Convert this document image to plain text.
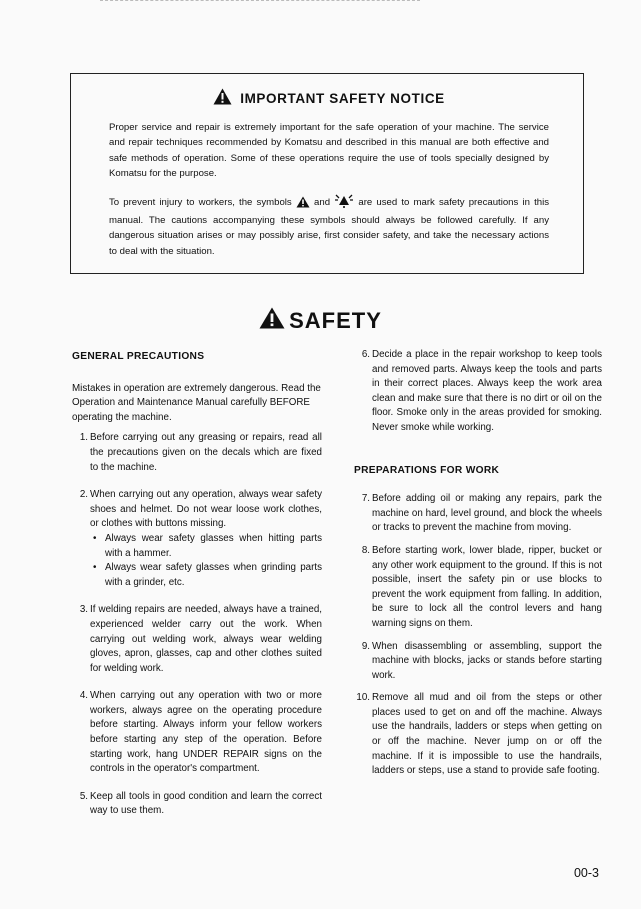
IMPORTANT SAFETY NOTICE

Proper service and repair is extremely important for the safe operation of your machine. The service and repair techniques recommended by Komatsu and described in this manual are both effective and safe methods of operation. Some of these operations require the use of tools specially designed by Komatsu for the purpose.

To prevent injury to workers, the symbols and	are used to mark safety precautions in this manual. The cautions accompanying these symbols should always be followed carefully. If any dangerous situation arises or may possibly arise, first consider safety, and take the necessary actions to deal with the situation.

SAFETY

GENERAL PRECAUTIONS

Mistakes in operation are extremely dangerous. Read the Operation and Maintenance Manual carefully BEFORE operating the machine.

1. Before carrying out any greasing or repairs, read all the precautions given on the decals which are fixed to the machine.
2. When carrying out any operation, always wear safety shoes and helmet. Do not wear loose work clothes, or clothes with buttons missing.
• Always wear safety glasses when hitting parts with a hammer.
• Always wear safety glasses when grinding parts with a grinder, etc.
3. If welding repairs are needed, always have a trained, experienced welder carry out the work. When carrying out welding work, always wear welding gloves, apron, glasses, cap and other clothes suited for welding work.
4. When carrying out any operation with two or more workers, always agree on the operating procedure before starting. Always inform your fellow workers before starting any step of the operation. Before starting work, hang UNDER REPAIR signs on the controls in the operator's compartment.
5. Keep all tools in good condition and learn the correct way to use them.
6. Decide a place in the repair workshop to keep tools and removed parts. Always keep the tools and parts in their correct places. Always keep the work area clean and make sure that there is no dirt or oil on the floor. Smoke only in the areas provided for smoking. Never smoke while working.

PREPARATIONS FOR WORK

7. Before adding oil or making any repairs, park the machine on hard, level ground, and block the wheels or tracks to prevent the machine from moving.
8. Before starting work, lower blade, ripper, bucket or any other work equipment to the ground. If this is not possible, insert the safety pin or use blocks to prevent the work equipment from falling. In addition, be sure to lock all the control levers and hang warning signs on them.
9. When disassembling or assembling, support the machine with blocks, jacks or stands before starting work.
10. Remove all mud and oil from the steps or other places used to get on and off the machine. Always use the handrails, ladders or steps when getting on or off the machine. Never jump on or off the machine. If it is impossible to use the handrails, ladders or steps, use a stand to provide safe footing.
00-3
